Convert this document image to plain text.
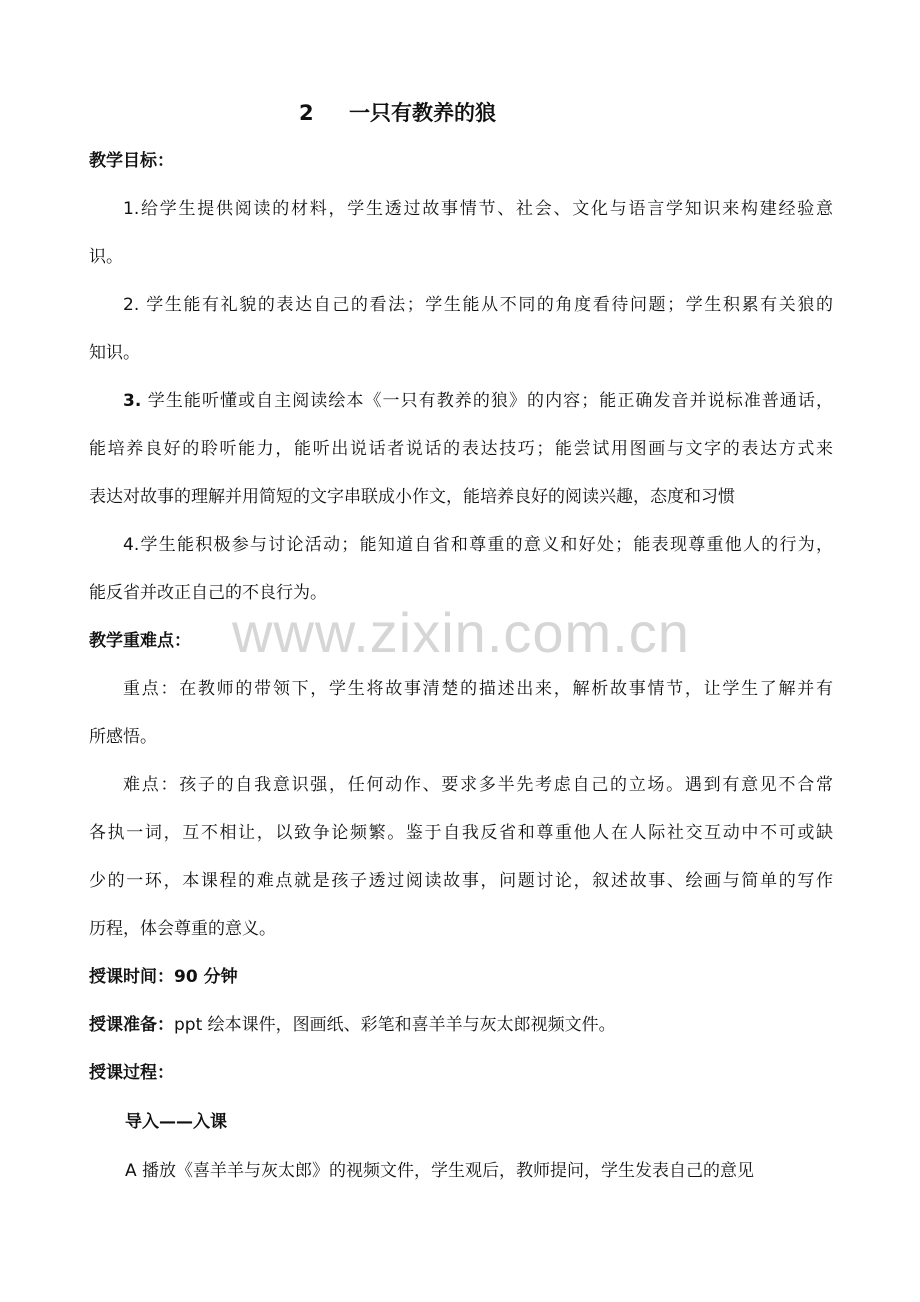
2 一只有教养的狼
教学目标：
1.给学生提供阅读的材料，学生透过故事情节、社会、文化与语言学知识来构建经验意
识。
2. 学生能有礼貌的表达自己的看法；学生能从不同的角度看待问题；学生积累有关狼的
知识。
3. 学生能听懂或自主阅读绘本《一只有教养的狼》的内容；能正确发音并说标准普通话，
能培养良好的聆听能力，能听出说话者说话的表达技巧；能尝试用图画与文字的表达方式来
表达对故事的理解并用简短的文字串联成小作文，能培养良好的阅读兴趣，态度和习惯
4.学生能积极参与讨论活动；能知道自省和尊重的意义和好处；能表现尊重他人的行为，
能反省并改正自己的不良行为。
教学重难点：
重点：在教师的带领下，学生将故事清楚的描述出来，解析故事情节，让学生了解并有
所感悟。
难点：孩子的自我意识强，任何动作、要求多半先考虑自己的立场。遇到有意见不合常
各执一词，互不相让，以致争论频繁。鉴于自我反省和尊重他人在人际社交互动中不可或缺
少的一环，本课程的难点就是孩子透过阅读故事，问题讨论，叙述故事、绘画与简单的写作
历程，体会尊重的意义。
授课时间：90 分钟
授课准备：ppt 绘本课件，图画纸、彩笔和喜羊羊与灰太郎视频文件。
授课过程：
导入——入课
A 播放《喜羊羊与灰太郎》的视频文件，学生观后，教师提问，学生发表自己的意见
www.zixin.com.cn
